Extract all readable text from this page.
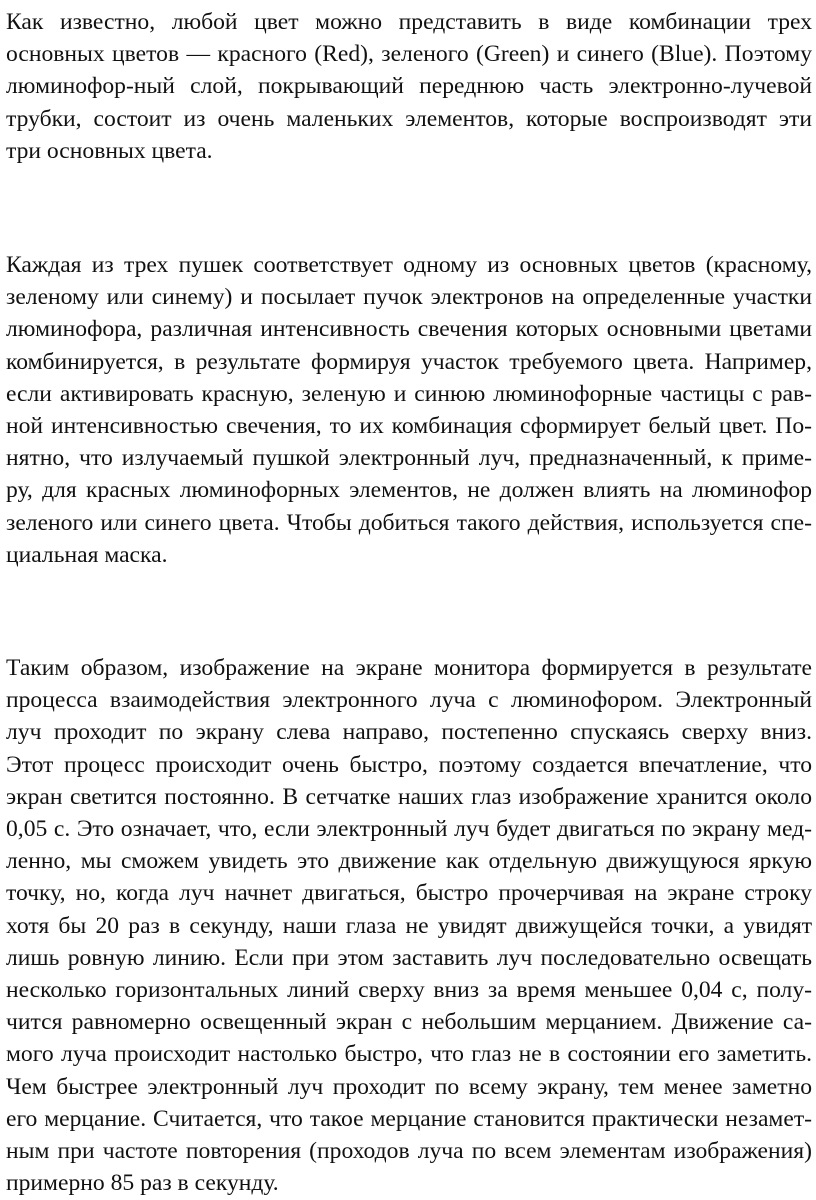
Как известно, любой цвет можно представить в виде комбинации трех
основных цветов — красного (Red), зеленого (Green) и синего (Blue). Поэтому
люминофор-ный слой, покрывающий переднюю часть электронно-лучевой
трубки, состоит из очень маленьких элементов, которые воспроизводят эти
три основных цвета.

Каждая из трех пушек соответствует одному из основных цветов (красному,
зеленому или синему) и посылает пучок электронов на определенные участки
люминофора, различная интенсивность свечения которых основными цветами
комбинируется, в результате формируя участок требуемого цвета. Например,
если активировать красную, зеленую и синюю люминофорные частицы с рав-
ной интенсивностью свечения, то их комбинация сформирует белый цвет. По-
нятно, что излучаемый пушкой электронный луч, предназначенный, к приме-
ру, для красных люминофорных элементов, не должен влиять на люминофор
зеленого или синего цвета. Чтобы добиться такого действия, используется спе-
циальная маска.

Таким образом, изображение на экране монитора формируется в результате
процесса взаимодействия электронного луча с люминофором. Электронный
луч проходит по экрану слева направо, постепенно спускаясь сверху вниз.
Этот процесс происходит очень быстро, поэтому создается впечатление, что
экран светится постоянно. В сетчатке наших глаз изображение хранится около
0,05 с. Это означает, что, если электронный луч будет двигаться по экрану мед-
ленно, мы сможем увидеть это движение как отдельную движущуюся яркую
точку, но, когда луч начнет двигаться, быстро прочерчивая на экране строку
хотя бы 20 раз в секунду, наши глаза не увидят движущейся точки, а увидят
лишь ровную линию. Если при этом заставить луч последовательно освещать
несколько горизонтальных линий сверху вниз за время меньшее 0,04 с, полу-
чится равномерно освещенный экран с небольшим мерцанием. Движение са-
мого луча происходит настолько быстро, что глаз не в состоянии его заметить.
Чем быстрее электронный луч проходит по всему экрану, тем менее заметно
его мерцание. Считается, что такое мерцание становится практически незамет-
ным при частоте повторения (проходов луча по всем элементам изображения)
примерно 85 раз в секунду.
